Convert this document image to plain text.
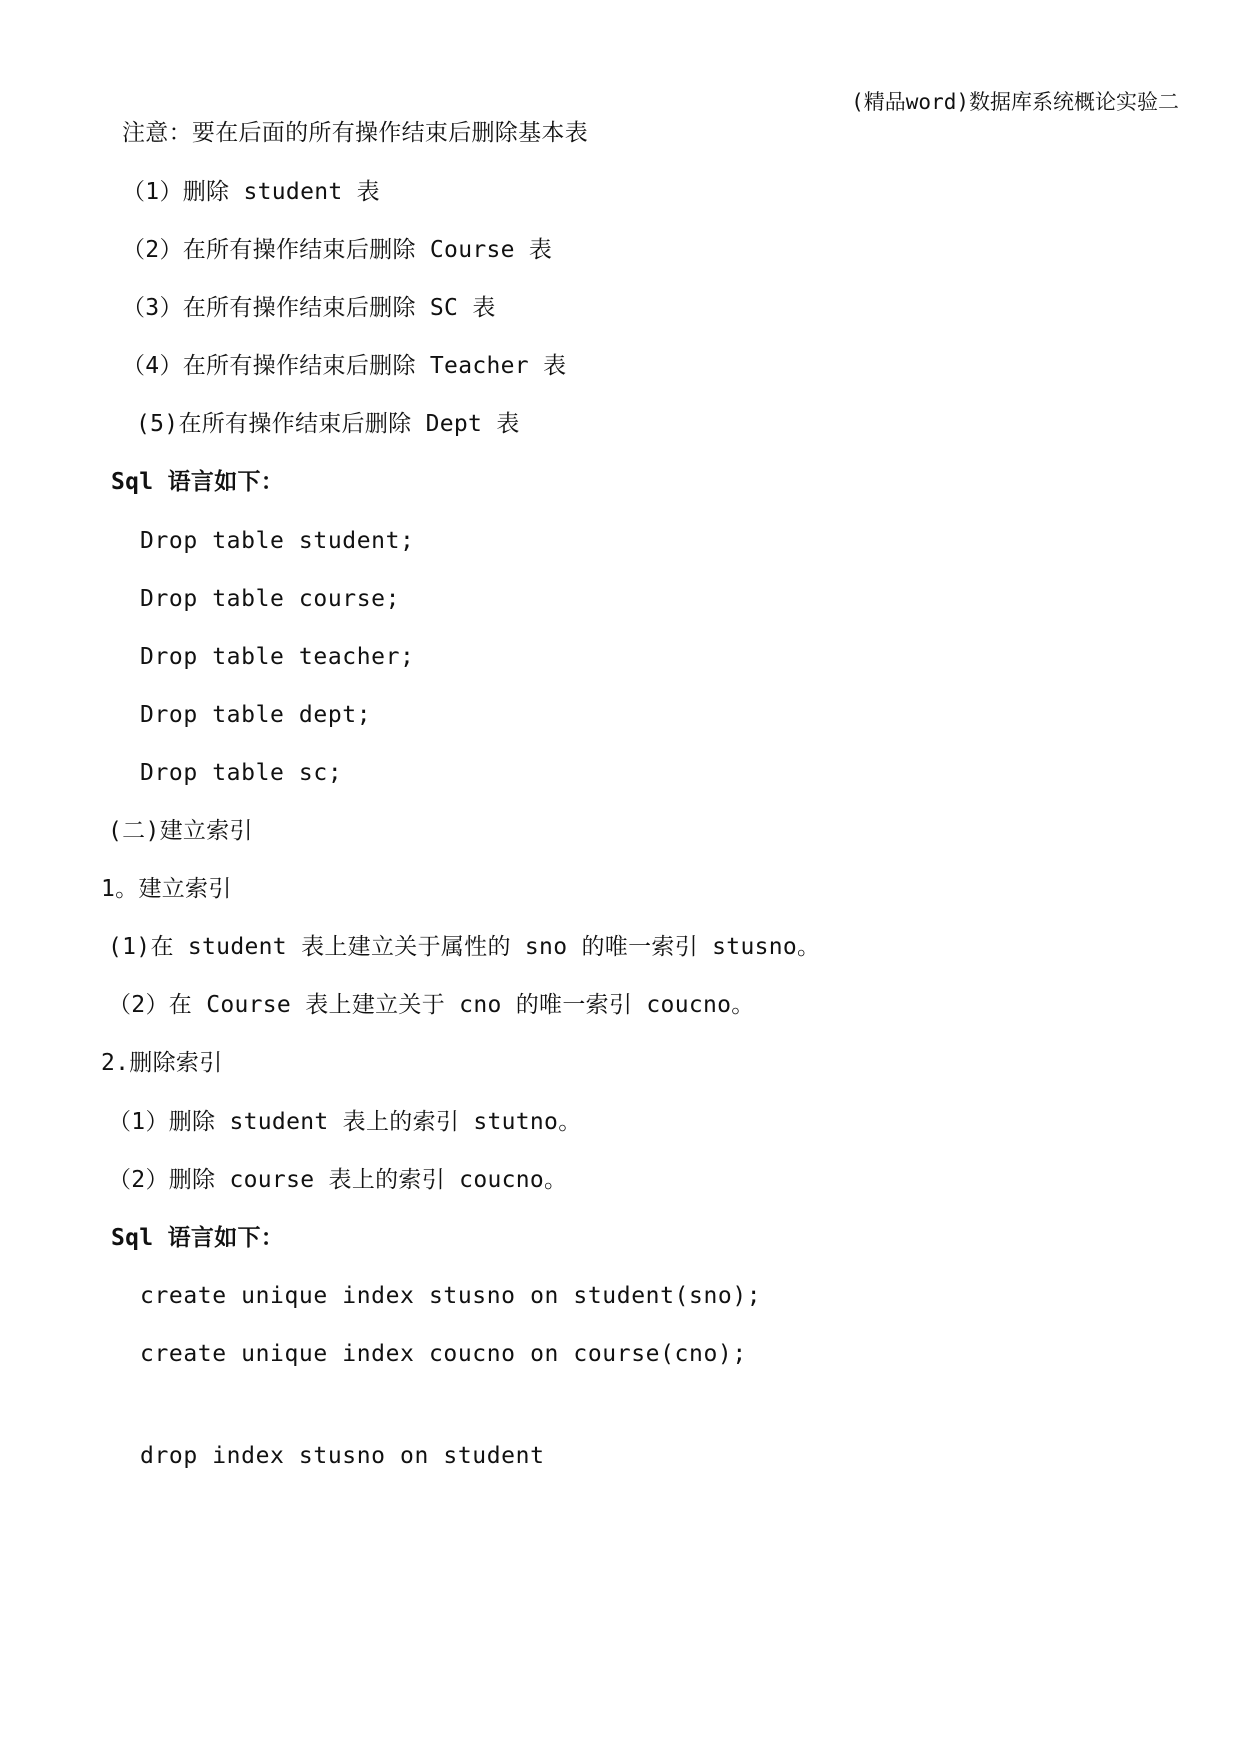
(精品word)数据库系统概论实验二
注意：要在后面的所有操作结束后删除基本表
（1）删除 student 表
（2）在所有操作结束后删除 Course 表
（3）在所有操作结束后删除 SC 表
（4）在所有操作结束后删除 Teacher 表
(5)在所有操作结束后删除 Dept 表
Sql 语言如下：
Drop table student;
Drop table course;
Drop table teacher;
Drop table dept;
Drop table sc;
(二)建立索引
1。建立索引
(1)在 student 表上建立关于属性的 sno 的唯一索引 stusno。
（2）在 Course 表上建立关于 cno 的唯一索引 coucno。
2.删除索引
（1）删除 student 表上的索引 stutno。
（2）删除 course 表上的索引 coucno。
Sql 语言如下：
create unique index stusno on student(sno);
create unique index coucno on course(cno);
drop index stusno on student
